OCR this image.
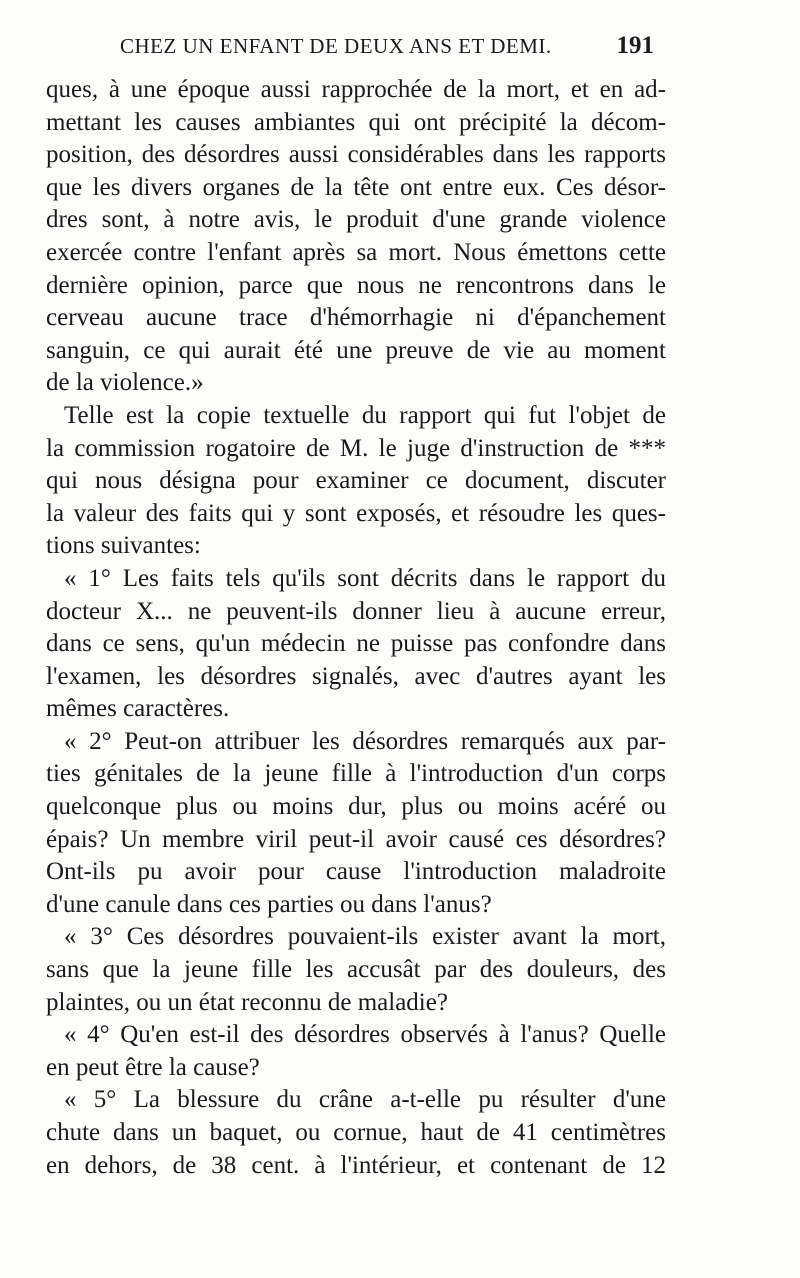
CHEZ UN ENFANT DE DEUX ANS ET DEMI.	191
ques, à une époque aussi rapprochée de la mort, et en ad-
mettant les causes ambiantes qui ont précipité la décom-
position, des désordres aussi considérables dans les rapports
que les divers organes de la tête ont entre eux. Ces désor-
dres sont, à notre avis, le produit d'une grande violence
exercée contre l'enfant après sa mort. Nous émettons cette
dernière opinion, parce que nous ne rencontrons dans le
cerveau aucune trace d'hémorrhagie ni d'épanchement
sanguin, ce qui aurait été une preuve de vie au moment
de la violence.»
Telle est la copie textuelle du rapport qui fut l'objet de
la commission rogatoire de M. le juge d'instruction de ***
qui nous désigna pour examiner ce document, discuter
la valeur des faits qui y sont exposés, et résoudre les ques-
tions suivantes:
« 1° Les faits tels qu'ils sont décrits dans le rapport du
docteur X... ne peuvent-ils donner lieu à aucune erreur,
dans ce sens, qu'un médecin ne puisse pas confondre dans
l'examen, les désordres signalés, avec d'autres ayant les
mêmes caractères.
« 2° Peut-on attribuer les désordres remarqués aux par-
ties génitales de la jeune fille à l'introduction d'un corps
quelconque plus ou moins dur, plus ou moins acéré ou
épais? Un membre viril peut-il avoir causé ces désordres?
Ont-ils pu avoir pour cause l'introduction maladroite
d'une canule dans ces parties ou dans l'anus?
« 3° Ces désordres pouvaient-ils exister avant la mort,
sans que la jeune fille les accusât par des douleurs, des
plaintes, ou un état reconnu de maladie?
« 4° Qu'en est-il des désordres observés à l'anus? Quelle
en peut être la cause?
« 5° La blessure du crâne a-t-elle pu résulter d'une
chute dans un baquet, ou cornue, haut de 41 centimètres
en dehors, de 38 cent. à l'intérieur, et contenant de 12
